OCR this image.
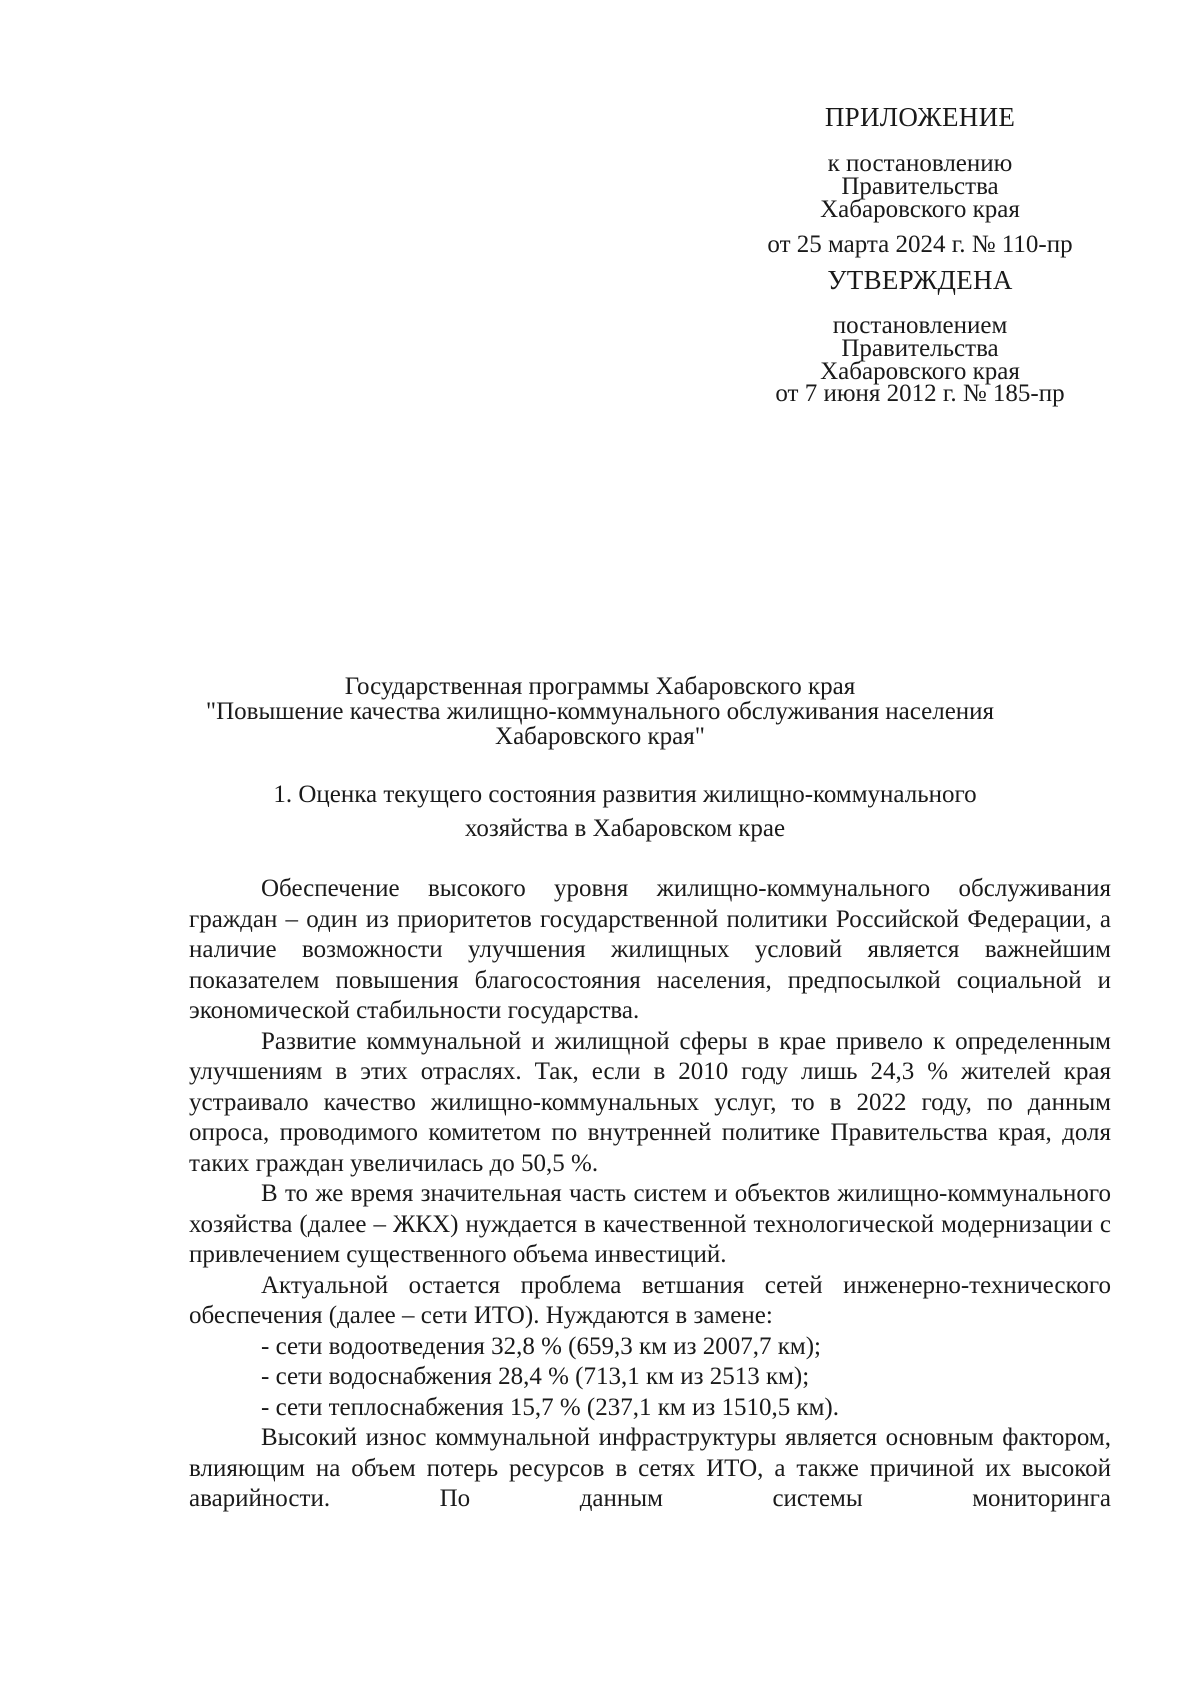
ПРИЛОЖЕНИЕ
к постановлению
Правительства
Хабаровского края
от 25 марта 2024 г. № 110-пр
УТВЕРЖДЕНА
постановлением
Правительства
Хабаровского края
от 7 июня 2012 г. № 185-пр
Государственная программы Хабаровского края
"Повышение качества жилищно-коммунального обслуживания населения
Хабаровского края"
1. Оценка текущего состояния развития жилищно-коммунального
хозяйства в Хабаровском крае

Обеспечение высокого уровня жилищно-коммунального обслуживания граждан – один из приоритетов государственной политики Российской Федерации, а наличие возможности улучшения жилищных условий является важнейшим показателем повышения благосостояния населения, предпосылкой социальной и экономической стабильности государства.

Развитие коммунальной и жилищной сферы в крае привело к определенным улучшениям в этих отраслях. Так, если в 2010 году лишь 24,3 % жителей края устраивало качество жилищно-коммунальных услуг, то в 2022 году, по данным опроса, проводимого комитетом по внутренней политике Правительства края, доля таких граждан увеличилась до 50,5 %.

В то же время значительная часть систем и объектов жилищно-коммунального хозяйства (далее – ЖКХ) нуждается в качественной технологической модернизации с привлечением существенного объема инвестиций.

Актуальной остается проблема ветшания сетей инженерно-технического обеспечения (далее – сети ИТО). Нуждаются в замене:

- сети водоотведения 32,8 % (659,3 км из 2007,7 км);
- сети водоснабжения 28,4 % (713,1 км из 2513 км);
- сети теплоснабжения 15,7 % (237,1 км из 1510,5 км).

Высокий износ коммунальной инфраструктуры является основным фактором, влияющим на объем потерь ресурсов в сетях ИТО, а также причиной их высокой аварийности. По данным системы мониторинга
